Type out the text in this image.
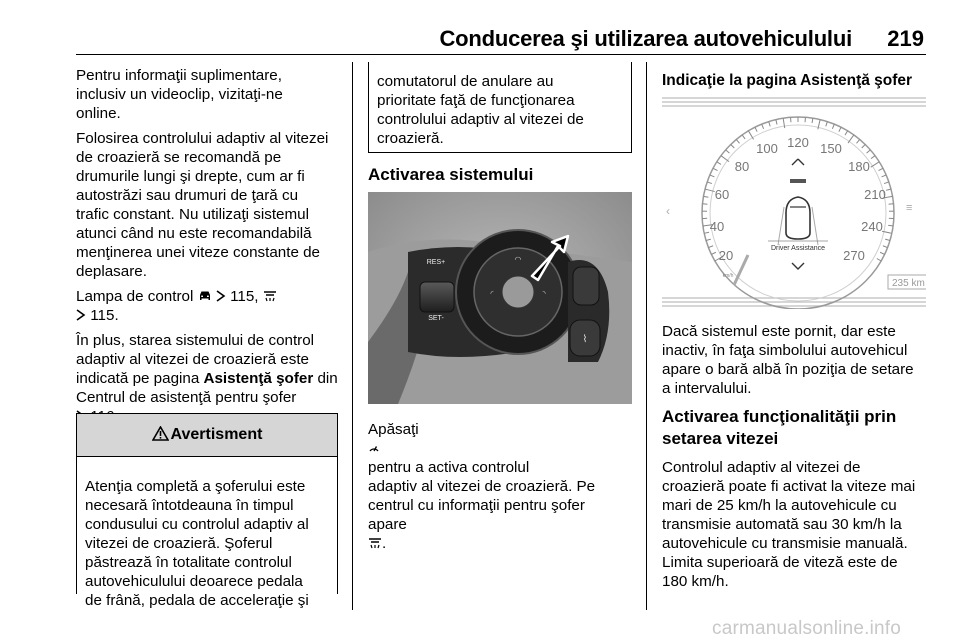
Conducerea şi utilizarea autovehiculului 219

Pentru informaţii suplimentare,
inclusiv un videoclip, vizitaţi-ne
online.

Folosirea controlului adaptiv al vitezei
de croazieră se recomandă pe
drumurile lungi şi drepte, cum ar fi
autostrăzi sau drumuri de ţară cu
trafic constant. Nu utilizaţi sistemul
atunci când nu este recomandabilă
menţinerea unei viteze constante de
deplasare.

Lampa de control 115,
115.

În plus, starea sistemului de control
adaptiv al vitezei de croazieră este
indicată pe pagina Asistenţă şofer din
Centrul de asistenţă pentru şofer

Avertisment
Atenţia completă a şoferului este
necesară întotdeauna în timpul
condusului cu controlul adaptiv al
vitezei de croazieră. Şoferul
păstrează în totalitate controlul
autovehiculului deoarece pedala
de frână, pedala de acceleraţie şi
comutatorul de anulare au
prioritate faţă de funcţionarea
controlului adaptiv al vitezei de
croazieră.
Activarea sistemului
RES+
SET-
◠
◜	◝
⌇

Apăsaţi

pentru a activa controlul
adaptiv al vitezei de croazieră. Pe
centrul cu informaţii pentru şofer
apare
.

Indicaţie la pagina Asistenţă şofer
20
40
60
80
100 120 150
180
210
240
270
km/h
Driver Assistance
‹	≡
235 km

Dacă sistemul este pornit, dar este
inactiv, în faţa simbolului autovehicul
apare o bară albă în poziţia de setare
a intervalului.

Activarea funcţionalităţii prin
setarea vitezei

Controlul adaptiv al vitezei de
croazieră poate fi activat la viteze mai
mari de 25 km/h la autovehicule cu
transmisie automată sau 30 km/h la
autovehicule cu transmisie manuală.
Limita superioară de viteză este de
180 km/h.

carmanualsonline.info
